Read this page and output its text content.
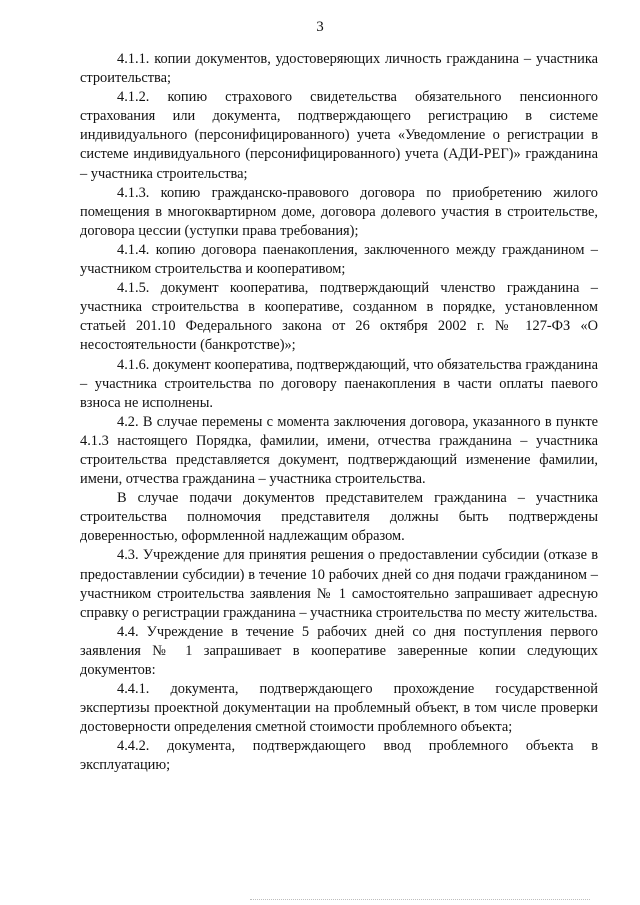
3

4.1.1. копии документов, удостоверяющих личность гражданина – участника строительства;

4.1.2. копию страхового свидетельства обязательного пенсионного страхования или документа, подтверждающего регистрацию в системе индивидуального (персонифицированного) учета «Уведомление о регистрации в системе индивидуального (персонифицированного) учета (АДИ-РЕГ)» гражданина – участника строительства;

4.1.3. копию гражданско-правового договора по приобретению жилого помещения в многоквартирном доме, договора долевого участия в строительстве, договора цессии (уступки права требования);

4.1.4. копию договора паенакопления, заключенного между гражданином – участником строительства и кооперативом;

4.1.5. документ кооператива, подтверждающий членство гражданина – участника строительства в кооперативе, созданном в порядке, установленном статьей 201.10 Федерального закона от 26 октября 2002 г. № 127-ФЗ «О несостоятельности (банкротстве)»;

4.1.6. документ кооператива, подтверждающий, что обязательства гражданина – участника строительства по договору паенакопления в части оплаты паевого взноса не исполнены.

4.2. В случае перемены с момента заключения договора, указанного в пункте 4.1.3 настоящего Порядка, фамилии, имени, отчества гражданина – участника строительства представляется документ, подтверждающий изменение фамилии, имени, отчества гражданина – участника строительства.

В случае подачи документов представителем гражданина – участника строительства полномочия представителя должны быть подтверждены доверенностью, оформленной надлежащим образом.

4.3. Учреждение для принятия решения о предоставлении субсидии (отказе в предоставлении субсидии) в течение 10 рабочих дней со дня подачи гражданином – участником строительства заявления № 1 самостоятельно запрашивает адресную справку о регистрации гражданина – участника строительства по месту жительства.

4.4. Учреждение в течение 5 рабочих дней со дня поступления первого заявления № 1 запрашивает в кооперативе заверенные копии следующих документов:

4.4.1. документа, подтверждающего прохождение государственной экспертизы проектной документации на проблемный объект, в том числе проверки достоверности определения сметной стоимости проблемного объекта;

4.4.2. документа, подтверждающего ввод проблемного объекта в эксплуатацию;
